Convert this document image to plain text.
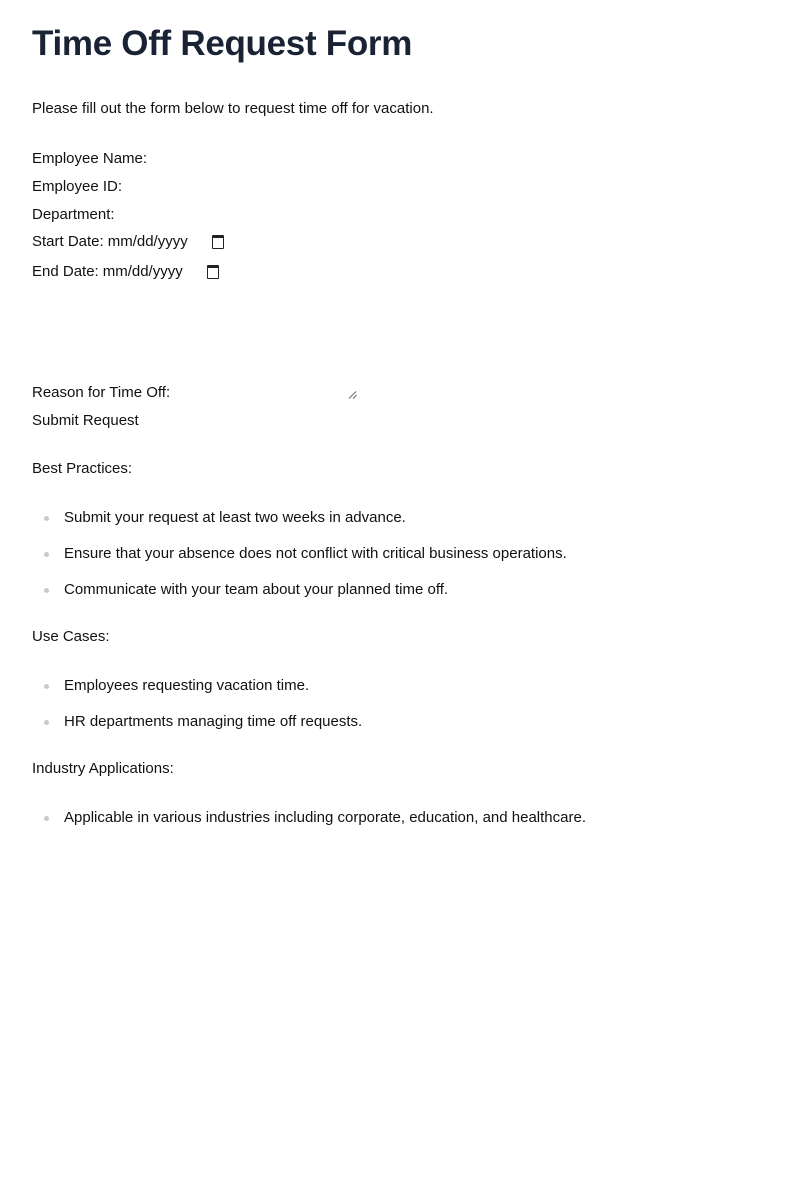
Time Off Request Form

Please fill out the form below to request time off for vacation.

Employee Name:
Employee ID:
Department:
Start Date: mm/dd/yyyy
End Date: mm/dd/yyyy
Reason for Time Off:
Submit Request
Best Practices:
Submit your request at least two weeks in advance.
Ensure that your absence does not conflict with critical business operations.
Communicate with your team about your planned time off.
Use Cases:
Employees requesting vacation time.
HR departments managing time off requests.
Industry Applications:
Applicable in various industries including corporate, education, and healthcare.
